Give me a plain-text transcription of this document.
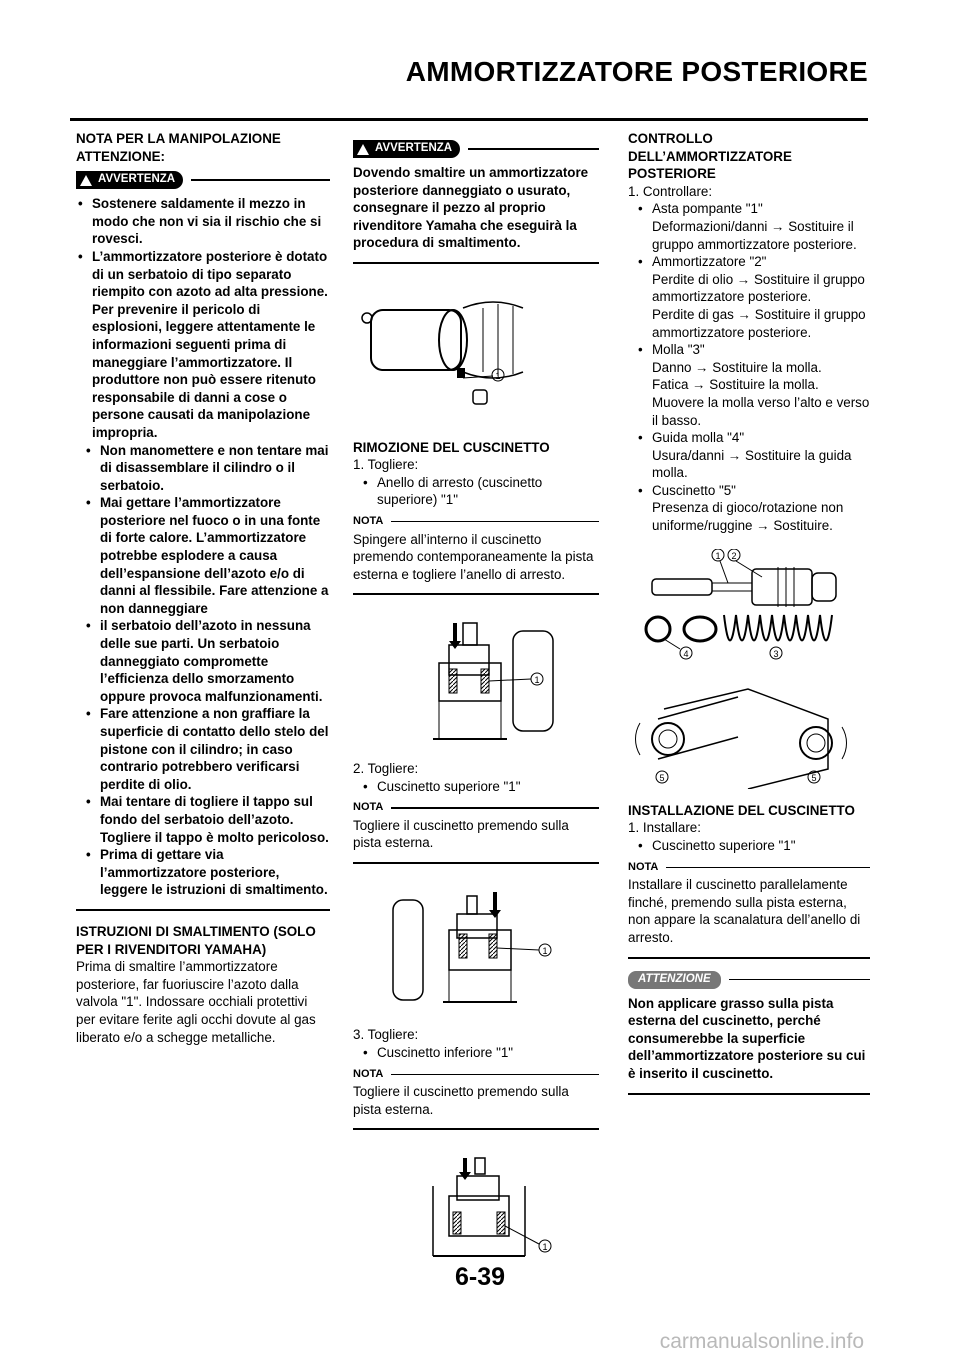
AMMORTIZZATORE POSTERIORE

NOTA PER LA MANIPOLAZIONE ATTENZIONE:

AVVERTENZA
• Sostenere saldamente il mezzo in modo che non vi sia il rischio che si rovesci.
• L’ammortizzatore posteriore è dotato di un serbatoio di tipo separato riempito con azoto ad alta pressione. Per prevenire il pericolo di esplosioni, leggere attentamente le informazioni seguenti prima di maneggiare l’ammortizzatore. Il produttore non può essere ritenuto responsabile di danni a cose o persone causati da manipolazione impropria.
• Non manomettere e non tentare mai di disassemblare il cilindro o il serbatoio.
• Mai gettare l’ammortizzatore posteriore nel fuoco o in una fonte di forte calore. L’ammortizzatore potrebbe esplodere a causa dell’espansione dell’azoto e/o di danni al flessibile. Fare attenzione a non danneggiare
• il serbatoio dell’azoto in nessuna delle sue parti. Un serbatoio danneggiato compromette l’efficienza dello smorzamento oppure provoca malfunzionamenti.
• Fare attenzione a non graffiare la superficie di contatto dello stelo del pistone con il cilindro; in caso contrario potrebbero verificarsi perdite di olio.
• Mai tentare di togliere il tappo sul fondo del serbatoio dell’azoto. Togliere il tappo è molto pericoloso.
• Prima di gettare via l’ammortizzatore posteriore, leggere le istruzioni di smaltimento.

ISTRUZIONI DI SMALTIMENTO (SOLO PER I RIVENDITORI YAMAHA)

Prima di smaltire l’ammortizzatore posteriore, far fuoriuscire l’azoto dalla valvola "1". Indossare occhiali protettivi per evitare ferite agli occhi dovute al gas liberato e/o a schegge metalliche.

AVVERTENZA

Dovendo smaltire un ammortizzatore posteriore danneggiato o usurato, consegnare il pezzo al proprio rivenditore Yamaha che eseguirà la procedura di smaltimento.

1

RIMOZIONE DEL CUSCINETTO

1. Togliere:

• Anello di arresto (cuscinetto superiore) "1"
NOTA

Spingere all’interno il cuscinetto premendo contemporaneamente la pista esterna e togliere l’anello di arresto.

1

2. Togliere:

• Cuscinetto superiore "1"
NOTA

Togliere il cuscinetto premendo sulla pista esterna.

1

3. Togliere:

• Cuscinetto inferiore "1"
NOTA

Togliere il cuscinetto premendo sulla pista esterna.

1

CONTROLLO DELL’AMMORTIZZATORE POSTERIORE

1. Controllare:

• Asta pompante "1"
Deformazioni/danni → Sostituire il gruppo ammortizzatore posteriore.
• Ammortizzatore "2"
Perdite di olio → Sostituire il gruppo ammortizzatore posteriore.
Perdite di gas → Sostituire il gruppo ammortizzatore posteriore.
• Molla "3"
Danno → Sostituire la molla.
Fatica → Sostituire la molla.
Muovere la molla verso l’alto e verso il basso.
• Guida molla "4"
Usura/danni → Sostituire la guida molla.
• Cuscinetto "5"
Presenza di gioco/rotazione non uniforme/ruggine → Sostituire.
1 2
4	3

5	5

INSTALLAZIONE DEL CUSCINETTO

1. Installare:

• Cuscinetto superiore "1"
NOTA

Installare il cuscinetto parallelamente finché, premendo sulla pista esterna, non appare la scanalatura dell’anello di arresto.

ATTENZIONE

Non applicare grasso sulla pista esterna del cuscinetto, perché consumerebbe la superficie dell’ammortizzatore posteriore su cui è inserito il cuscinetto.

6-39
carmanualsonline.info
